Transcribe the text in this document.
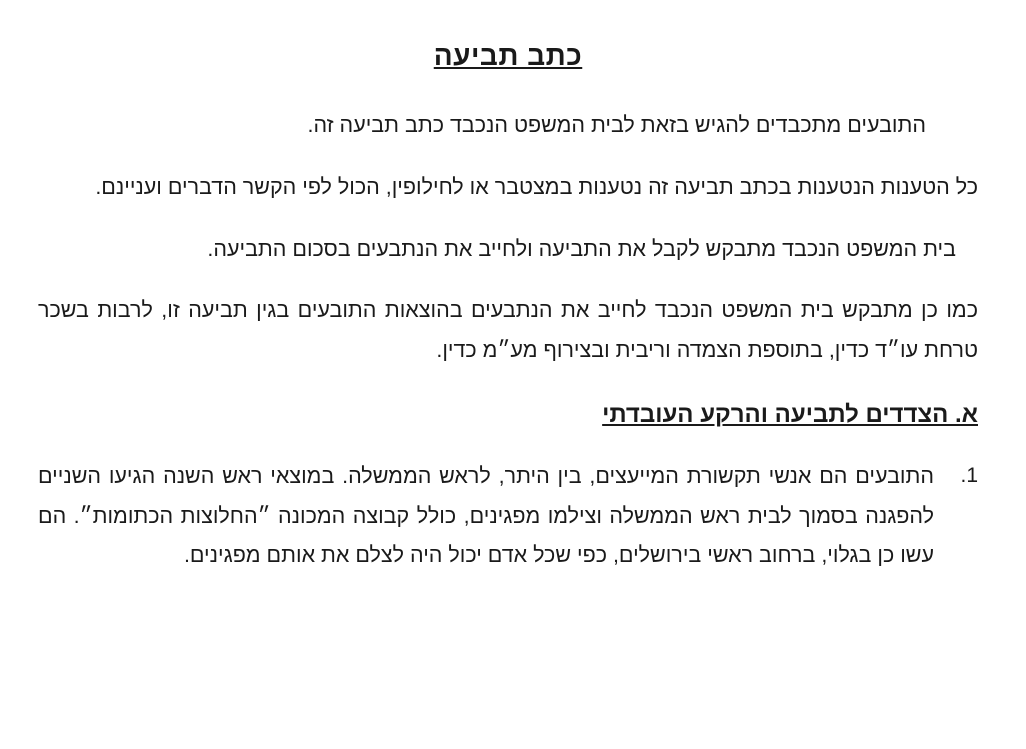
כתב תביעה

התובעים מתכבדים להגיש בזאת לבית המשפט הנכבד כתב תביעה זה.

כל הטענות הנטענות בכתב תביעה זה נטענות במצטבר או לחילופין, הכול לפי הקשר הדברים ועניינם.

בית המשפט הנכבד מתבקש לקבל את התביעה ולחייב את הנתבעים בסכום התביעה.

כמו כן מתבקש בית המשפט הנכבד לחייב את הנתבעים בהוצאות התובעים בגין תביעה זו, לרבות בשכר טרחת עו״ד כדין, בתוספת הצמדה וריבית ובצירוף מע״מ כדין.

א. הצדדים לתביעה והרקע העובדתי
1.
התובעים הם אנשי תקשורת המייעצים, בין היתר, לראש הממשלה. במוצאי ראש השנה הגיעו השניים להפגנה בסמוך לבית ראש הממשלה וצילמו מפגינים, כולל קבוצה המכונה ״החלוצות הכתומות״. הם עשו כן בגלוי, ברחוב ראשי בירושלים, כפי שכל אדם יכול היה לצלם את אותם מפגינים.
